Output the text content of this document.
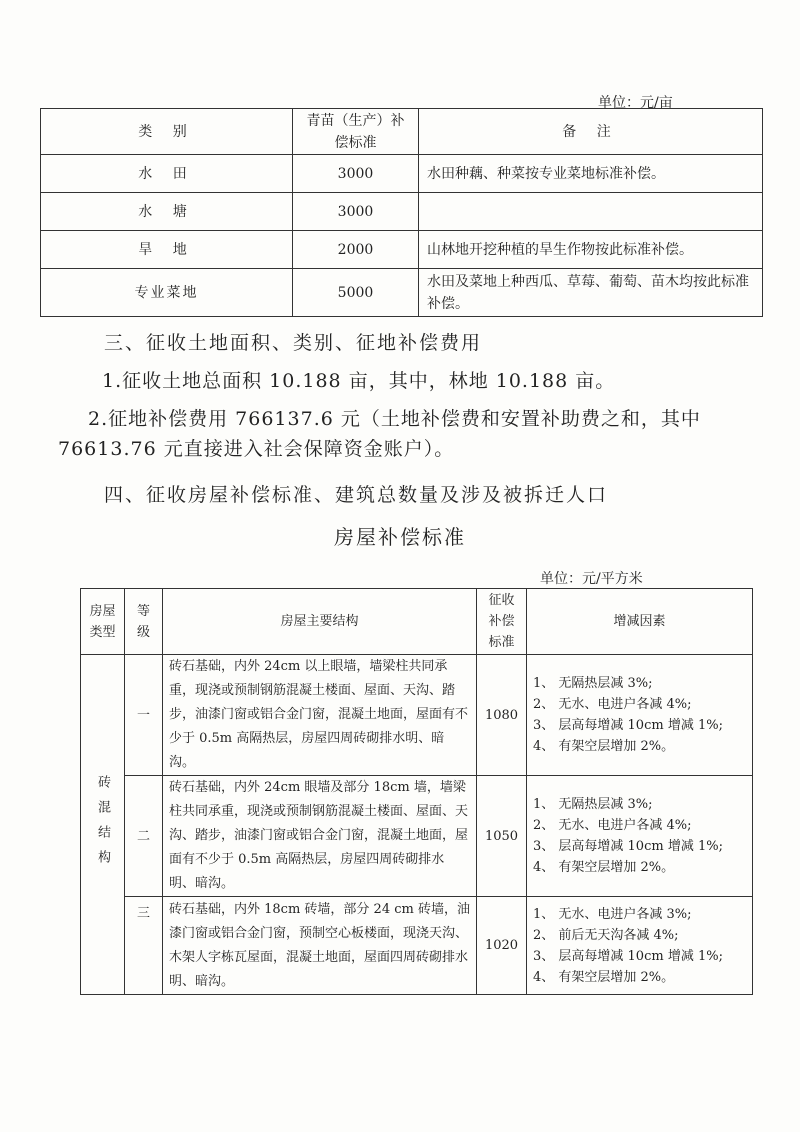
单位：元/亩
类 别	青苗（生产）补偿标准	备 注
水 田	3000	水田种藕、种菜按专业菜地标准补偿。
水 塘	3000	
旱 地	2000	山林地开挖种植的旱生作物按此标准补偿。
专业菜地	5000	水田及菜地上种西瓜、草莓、葡萄、苗木均按此标准补偿。
三、征收土地面积、类别、征地补偿费用
1.征收土地总面积 10.188 亩，其中，林地 10.188 亩。
2.征地补偿费用 766137.6 元（土地补偿费和安置补助费之和，其中 76613.76 元直接进入社会保障资金账户）。
四、征收房屋补偿标准、建筑总数量及涉及被拆迁人口
房屋补偿标准
单位：元/平方米
房屋类型	等级	房屋主要结构	征收补偿标准	增减因素

砖混结构	一	砖石基础，内外 24cm 以上眼墙，墙梁柱共同承重，现浇或预制钢筋混凝土楼面、屋面、天沟、踏步，油漆门窗或铝合金门窗，混凝土地面，屋面有不少于 0.5m 高隔热层，房屋四周砖砌排水明、暗沟。	1080	1、 无隔热层减 3%;
2、 无水、电进户各减 4%;
3、 层高每增减 10cm 增减 1%;
4、 有架空层增加 2%。

	二	砖石基础，内外 24cm 眼墙及部分 18cm 墙，墙梁柱共同承重，现浇或预制钢筋混凝土楼面、屋面、天沟、踏步，油漆门窗或铝合金门窗，混凝土地面，屋面有不少于 0.5m 高隔热层，房屋四周砖砌排水明、暗沟。	1050	1、 无隔热层减 3%;
2、 无水、电进户各减 4%;
3、 层高每增减 10cm 增减 1%;
4、 有架空层增加 2%。

	三	砖石基础，内外 18cm 砖墙，部分 24 cm 砖墙，油漆门窗或铝合金门窗，预制空心板楼面，现浇天沟、木架人字栋瓦屋面，混凝土地面，屋面四周砖砌排水明、暗沟。	1020	1、 无水、电进户各减 3%;
2、 前后无天沟各减 4%;
3、 层高每增减 10cm 增减 1%;
4、 有架空层增加 2%。
